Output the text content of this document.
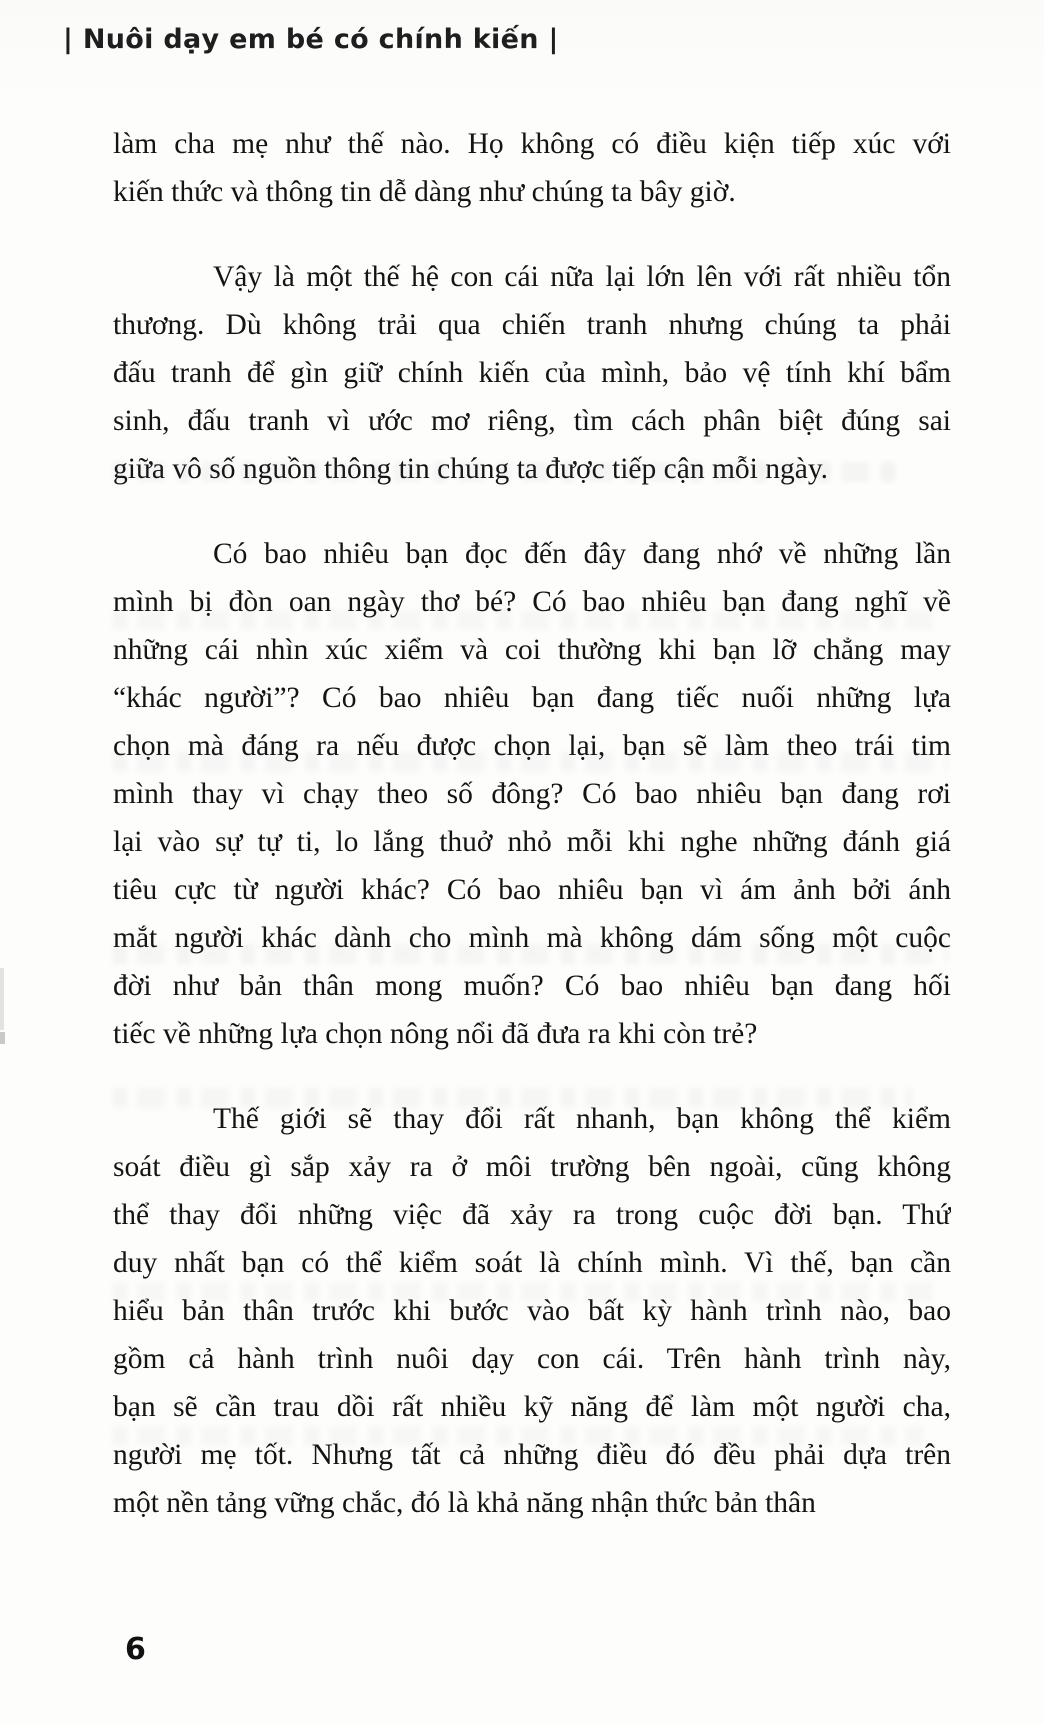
| Nuôi dạy em bé có chính kiến |
làm cha mẹ như thế nào. Họ không có điều kiện tiếp xúc với
kiến thức và thông tin dễ dàng như chúng ta bây giờ.
Vậy là một thế hệ con cái nữa lại lớn lên với rất nhiều tổn
thương. Dù không trải qua chiến tranh nhưng chúng ta phải
đấu tranh để gìn giữ chính kiến của mình, bảo vệ tính khí bẩm
sinh, đấu tranh vì ước mơ riêng, tìm cách phân biệt đúng sai
giữa vô số nguồn thông tin chúng ta được tiếp cận mỗi ngày.
Có bao nhiêu bạn đọc đến đây đang nhớ về những lần
mình bị đòn oan ngày thơ bé? Có bao nhiêu bạn đang nghĩ về
những cái nhìn xúc xiểm và coi thường khi bạn lỡ chẳng may
“khác người”? Có bao nhiêu bạn đang tiếc nuối những lựa
chọn mà đáng ra nếu được chọn lại, bạn sẽ làm theo trái tim
mình thay vì chạy theo số đông? Có bao nhiêu bạn đang rơi
lại vào sự tự ti, lo lắng thuở nhỏ mỗi khi nghe những đánh giá
tiêu cực từ người khác? Có bao nhiêu bạn vì ám ảnh bởi ánh
mắt người khác dành cho mình mà không dám sống một cuộc
đời như bản thân mong muốn? Có bao nhiêu bạn đang hối
tiếc về những lựa chọn nông nổi đã đưa ra khi còn trẻ?
Thế giới sẽ thay đổi rất nhanh, bạn không thể kiểm
soát điều gì sắp xảy ra ở môi trường bên ngoài, cũng không
thể thay đổi những việc đã xảy ra trong cuộc đời bạn. Thứ
duy nhất bạn có thể kiểm soát là chính mình. Vì thế, bạn cần
hiểu bản thân trước khi bước vào bất kỳ hành trình nào, bao
gồm cả hành trình nuôi dạy con cái. Trên hành trình này,
bạn sẽ cần trau dồi rất nhiều kỹ năng để làm một người cha,
người mẹ tốt. Nhưng tất cả những điều đó đều phải dựa trên
một nền tảng vững chắc, đó là khả năng nhận thức bản thân
6
